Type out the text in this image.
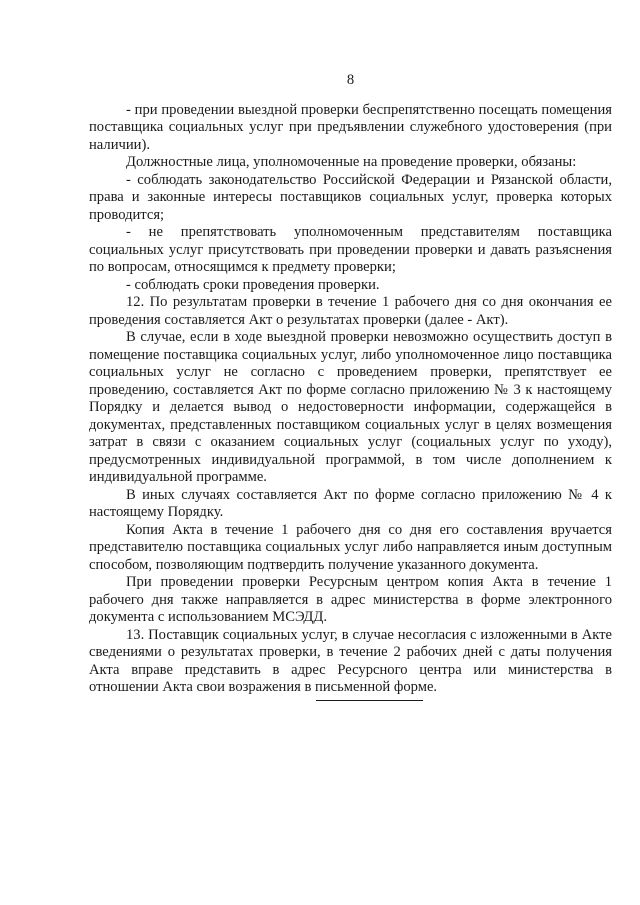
8

- при проведении выездной проверки беспрепятственно посещать помещения поставщика социальных услуг при предъявлении служебного удостоверения (при наличии).

Должностные лица, уполномоченные на проведение проверки, обязаны:

- соблюдать законодательство Российской Федерации и Рязанской области, права и законные интересы поставщиков социальных услуг, проверка которых проводится;

- не препятствовать уполномоченным представителям поставщика социальных услуг присутствовать при проведении проверки и давать разъяснения по вопросам, относящимся к предмету проверки;

- соблюдать сроки проведения проверки.

12. По результатам проверки в течение 1 рабочего дня со дня окончания ее проведения составляется Акт о результатах проверки (далее - Акт).

В случае, если в ходе выездной проверки невозможно осуществить доступ в помещение поставщика социальных услуг, либо уполномоченное лицо поставщика социальных услуг не согласно с проведением проверки, препятствует ее проведению, составляется Акт по форме согласно приложению № 3 к настоящему Порядку и делается вывод о недостоверности информации, содержащейся в документах, представленных поставщиком социальных услуг в целях возмещения затрат в связи с оказанием социальных услуг (социальных услуг по уходу), предусмотренных индивидуальной программой, в том числе дополнением к индивидуальной программе.

В иных случаях составляется Акт по форме согласно приложению № 4 к настоящему Порядку.

Копия Акта в течение 1 рабочего дня со дня его составления вручается представителю поставщика социальных услуг либо направляется иным доступным способом, позволяющим подтвердить получение указанного документа.

При проведении проверки Ресурсным центром копия Акта в течение 1 рабочего дня также направляется в адрес министерства в форме электронного документа с использованием МСЭДД.

13. Поставщик социальных услуг, в случае несогласия с изложенными в Акте сведениями о результатах проверки, в течение 2 рабочих дней с даты получения Акта вправе представить в адрес Ресурсного центра или министерства в отношении Акта свои возражения в письменной форме.
